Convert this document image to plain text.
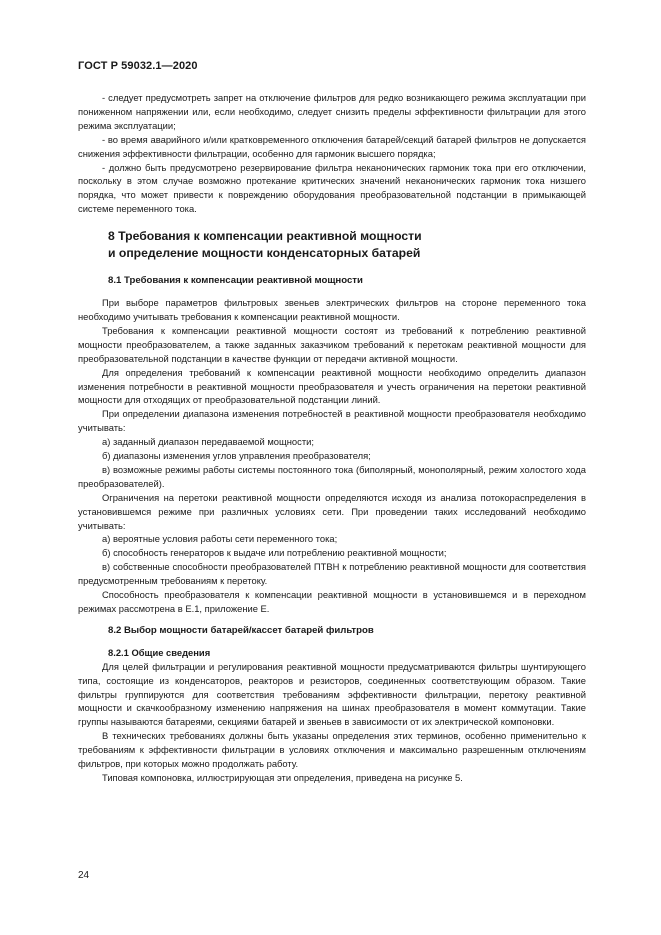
ГОСТ Р 59032.1—2020

- следует предусмотреть запрет на отключение фильтров для редко возникающего режима эксплуатации при пониженном напряжении или, если необходимо, следует снизить пределы эффективности фильтрации для этого режима эксплуатации;

- во время аварийного и/или кратковременного отключения батарей/секций батарей фильтров не допускается снижения эффективности фильтрации, особенно для гармоник высшего порядка;

- должно быть предусмотрено резервирование фильтра неканонических гармоник тока при его отключении, поскольку в этом случае возможно протекание критических значений неканонических гармоник тока низшего порядка, что может привести к повреждению оборудования преобразовательной подстанции в примыкающей системе переменного тока.

8 Требования к компенсации реактивной мощности
и определение мощности конденсаторных батарей
8.1 Требования к компенсации реактивной мощности

При выборе параметров фильтровых звеньев электрических фильтров на стороне переменного тока необходимо учитывать требования к компенсации реактивной мощности.

Требования к компенсации реактивной мощности состоят из требований к потреблению реактивной мощности преобразователем, а также заданных заказчиком требований к перетокам реактивной мощности для преобразовательной подстанции в качестве функции от передачи активной мощности.

Для определения требований к компенсации реактивной мощности необходимо определить диапазон изменения потребности в реактивной мощности преобразователя и учесть ограничения на перетоки реактивной мощности для отходящих от преобразовательной подстанции линий.

При определении диапазона изменения потребностей в реактивной мощности преобразователя необходимо учитывать:

а) заданный диапазон передаваемой мощности;

б) диапазоны изменения углов управления преобразователя;

в) возможные режимы работы системы постоянного тока (биполярный, монополярный, режим холостого хода преобразователей).

Ограничения на перетоки реактивной мощности определяются исходя из анализа потокораспределения в установившемся режиме при различных условиях сети. При проведении таких исследований необходимо учитывать:

а) вероятные условия работы сети переменного тока;

б) способность генераторов к выдаче или потреблению реактивной мощности;

в) собственные способности преобразователей ПТВН к потреблению реактивной мощности для соответствия предусмотренным требованиям к перетоку.

Способность преобразователя к компенсации реактивной мощности в установившемся и в переходном режимах рассмотрена в Е.1, приложение Е.

8.2 Выбор мощности батарей/кассет батарей фильтров
8.2.1 Общие сведения

Для целей фильтрации и регулирования реактивной мощности предусматриваются фильтры шунтирующего типа, состоящие из конденсаторов, реакторов и резисторов, соединенных соответствующим образом. Такие фильтры группируются для соответствия требованиям эффективности фильтрации, перетоку реактивной мощности и скачкообразному изменению напряжения на шинах преобразователя в момент коммутации. Такие группы называются батареями, секциями батарей и звеньев в зависимости от их электрической компоновки.

В технических требованиях должны быть указаны определения этих терминов, особенно применительно к требованиям к эффективности фильтрации в условиях отключения и максимально разрешенным отключениям фильтров, при которых можно продолжать работу.

Типовая компоновка, иллюстрирующая эти определения, приведена на рисунке 5.

24
